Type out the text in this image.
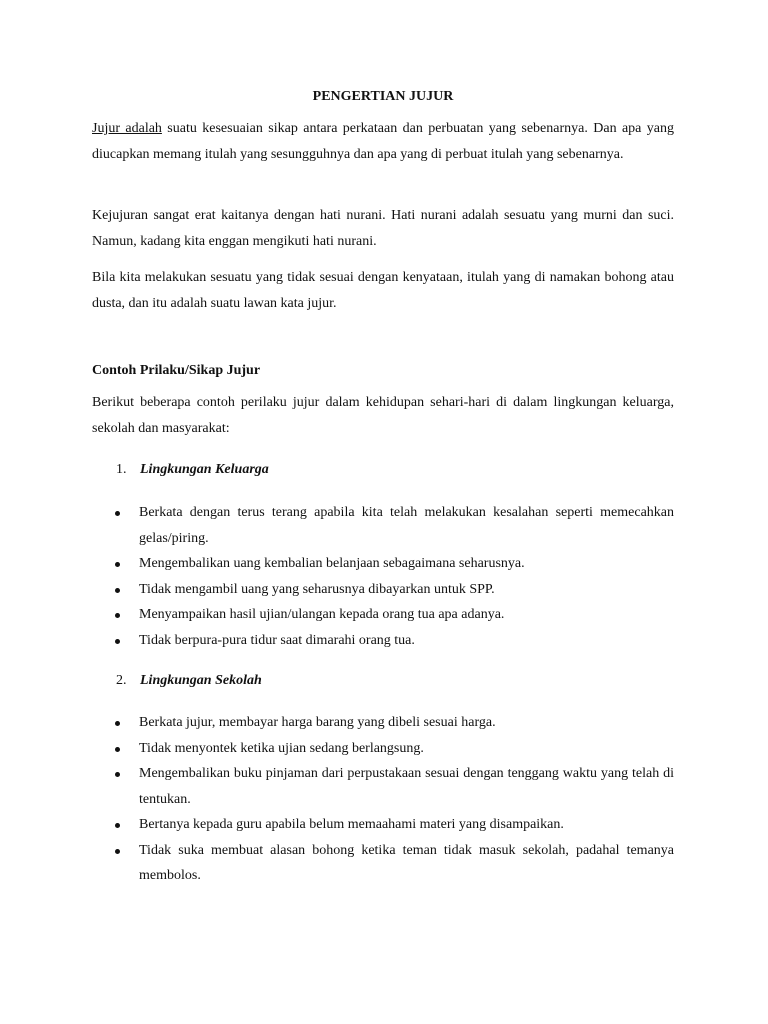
PENGERTIAN JUJUR

Jujur adalah suatu kesesuaian sikap antara perkataan dan perbuatan yang sebenarnya. Dan apa yang diucapkan memang itulah yang sesungguhnya dan apa yang di perbuat itulah yang sebenarnya.

Kejujuran sangat erat kaitanya dengan hati nurani. Hati nurani adalah sesuatu yang murni dan suci. Namun, kadang kita enggan mengikuti hati nurani.

Bila kita melakukan sesuatu yang tidak sesuai dengan kenyataan, itulah yang di namakan bohong atau dusta, dan itu adalah suatu lawan kata jujur.

Contoh Prilaku/Sikap Jujur

Berikut beberapa contoh perilaku jujur dalam kehidupan sehari-hari di dalam lingkungan keluarga, sekolah dan masyarakat:

1. Lingkungan Keluarga
Berkata dengan terus terang apabila kita telah melakukan kesalahan seperti memecahkan gelas/piring.
Mengembalikan uang kembalian belanjaan sebagaimana seharusnya.
Tidak mengambil uang yang seharusnya dibayarkan untuk SPP.
Menyampaikan hasil ujian/ulangan kepada orang tua apa adanya.
Tidak berpura-pura tidur saat dimarahi orang tua.
2. Lingkungan Sekolah
Berkata jujur, membayar harga barang yang dibeli sesuai harga.
Tidak menyontek ketika ujian sedang berlangsung.
Mengembalikan buku pinjaman dari perpustakaan sesuai dengan tenggang waktu yang telah di tentukan.
Bertanya kepada guru apabila belum memaahami materi yang disampaikan.
Tidak suka membuat alasan bohong ketika teman tidak masuk sekolah, padahal temanya membolos.
